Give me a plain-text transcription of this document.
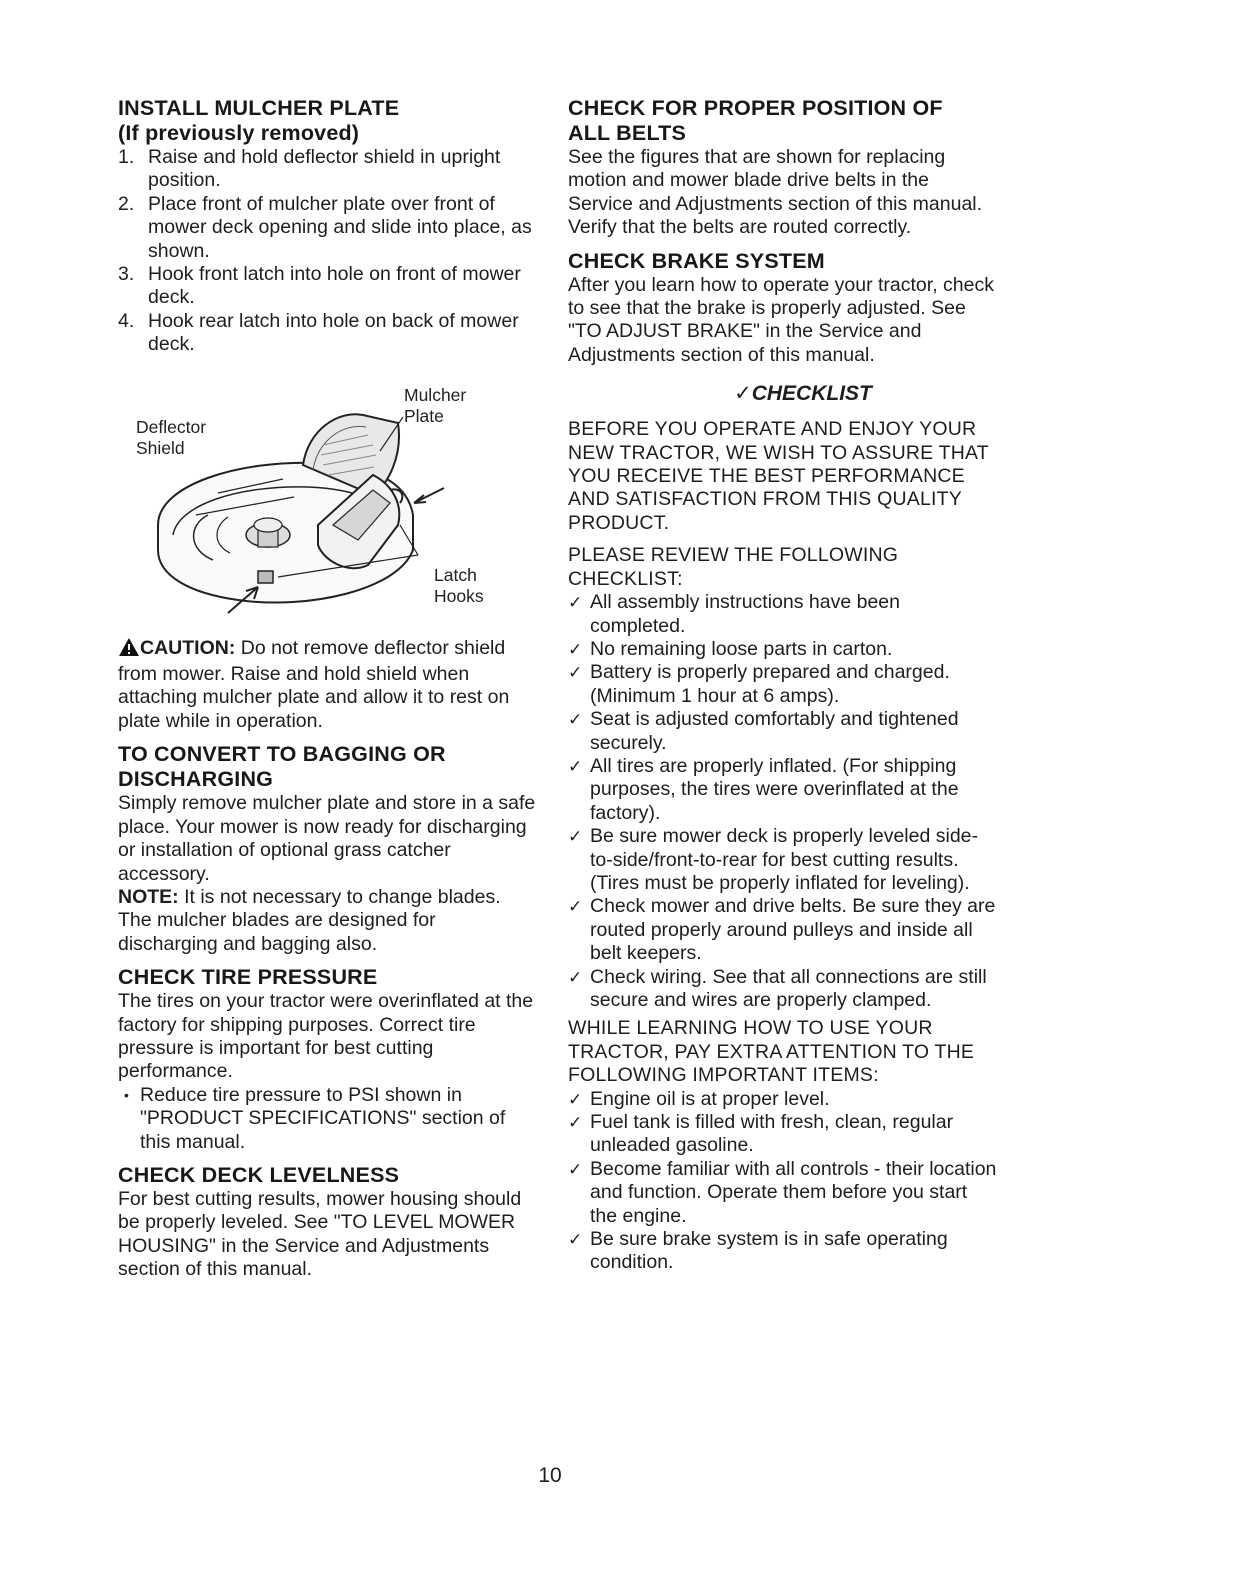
INSTALL MULCHER PLATE
(If previously removed)
1. Raise and hold deflector shield in upright position.
2. Place front of mulcher plate over front of mower deck opening and slide into place, as shown.
3. Hook front latch into hole on front of mower deck.
4. Hook rear latch into hole on back of mower deck.
Deflector
Shield
Mulcher
Plate
Latch
Hooks

CAUTION: Do not remove deflector shield from mower. Raise and hold shield when attaching mulcher plate and allow it to rest on plate while in operation.

TO CONVERT TO BAGGING OR
DISCHARGING

Simply remove mulcher plate and store in a safe place. Your mower is now ready for discharging or installation of optional grass catcher accessory.

NOTE: It is not necessary to change blades. The mulcher blades are designed for discharging and bagging also.

CHECK TIRE PRESSURE

The tires on your tractor were overinflated at the factory for shipping purposes. Correct tire pressure is important for best cutting performance.

• Reduce tire pressure to PSI shown in "PRODUCT SPECIFICATIONS" section of this manual.
CHECK DECK LEVELNESS

For best cutting results, mower housing should be properly leveled. See "TO LEVEL MOWER HOUSING" in the Service and Adjustments section of this manual.

CHECK FOR PROPER POSITION OF
ALL BELTS

See the figures that are shown for replacing motion and mower blade drive belts in the Service and Adjustments section of this manual. Verify that the belts are routed correctly.

CHECK BRAKE SYSTEM

After you learn how to operate your tractor, check to see that the brake is properly adjusted. See "TO ADJUST BRAKE" in the Service and Adjustments section of this manual.

✓CHECKLIST

BEFORE YOU OPERATE AND ENJOY YOUR NEW TRACTOR, WE WISH TO ASSURE THAT YOU RECEIVE THE BEST PERFORMANCE AND SATISFACTION FROM THIS QUALITY PRODUCT.

PLEASE REVIEW THE FOLLOWING CHECKLIST:

✓ All assembly instructions have been completed.
✓ No remaining loose parts in carton.
✓ Battery is properly prepared and charged. (Minimum 1 hour at 6 amps).
✓ Seat is adjusted comfortably and tightened securely.
✓ All tires are properly inflated. (For shipping purposes, the tires were overinflated at the factory).
✓ Be sure mower deck is properly leveled side-to-side/front-to-rear for best cutting results. (Tires must be properly inflated for leveling).
✓ Check mower and drive belts. Be sure they are routed properly around pulleys and inside all belt keepers.
✓ Check wiring. See that all connections are still secure and wires are properly clamped.

WHILE LEARNING HOW TO USE YOUR TRACTOR, PAY EXTRA ATTENTION TO THE FOLLOWING IMPORTANT ITEMS:

✓ Engine oil is at proper level.
✓ Fuel tank is filled with fresh, clean, regular unleaded gasoline.
✓ Become familiar with all controls - their location and function. Operate them before you start the engine.
✓ Be sure brake system is in safe operating condition.
10
